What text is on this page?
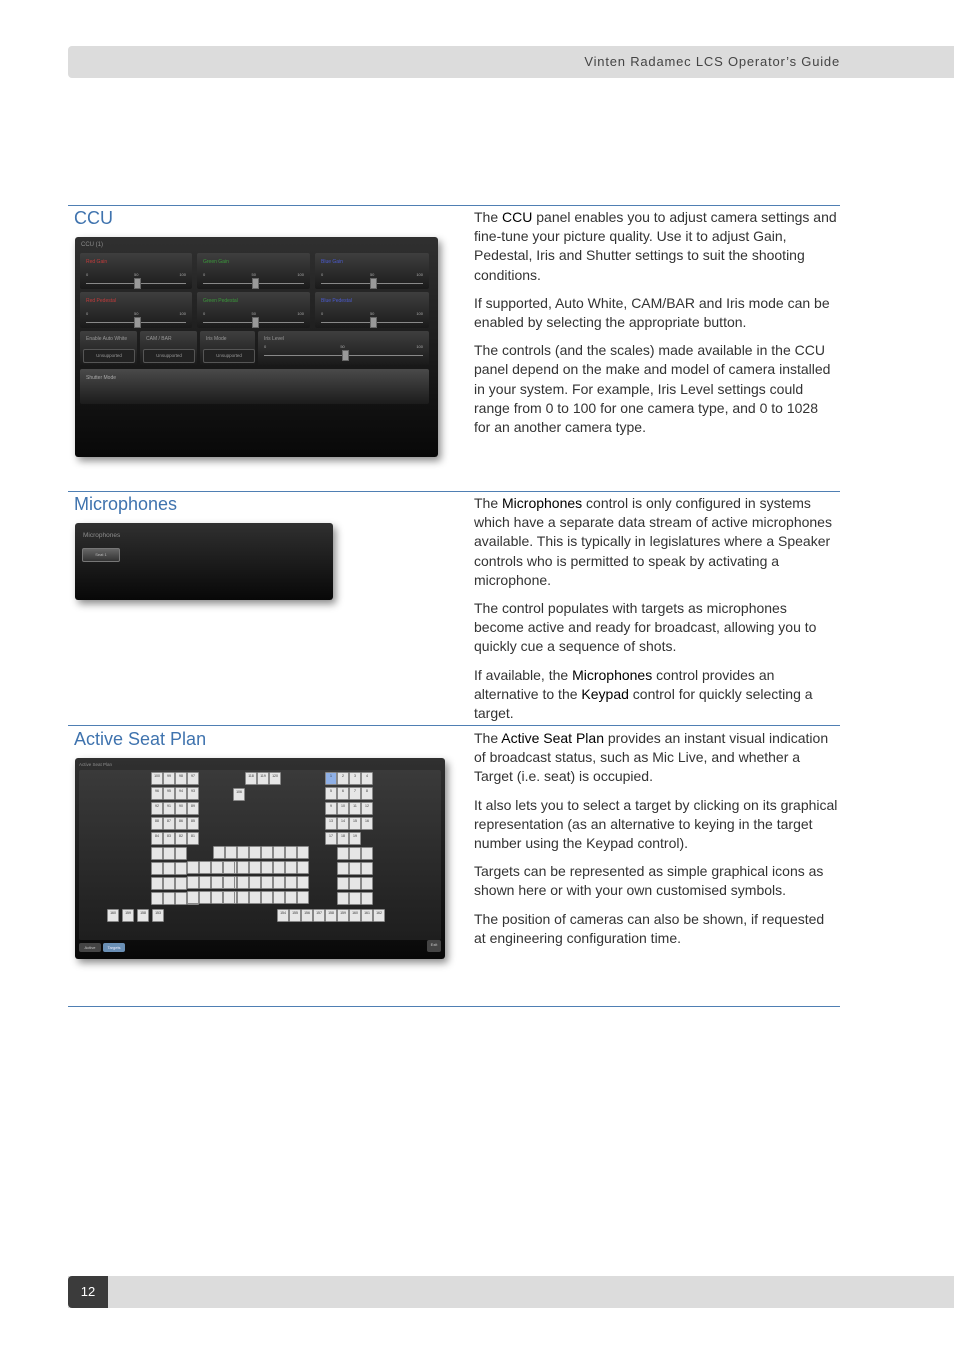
Vinten Radamec LCS Operator’s Guide
CCU
CCU (1)
Red Gain
0	50	100
Green Gain
0	50	100
Blue Gain
0	50	100
Red Pedestal
0	50	100
Green Pedestal
0	50	100
Blue Pedestal
0	50	100
Enable Auto White
Unsupported
CAM / BAR
Unsupported
Iris Mode
Unsupported
Iris Level
0	50	100
Shutter Mode

The CCU panel enables you to adjust camera settings and fine-tune your picture quality. Use it to adjust Gain, Pedestal, Iris and Shutter settings to suit the shooting conditions.

If supported, Auto White, CAM/BAR and Iris mode can be enabled by selecting the appropriate button.

The controls (and the scales) made available in the CCU panel depend on the make and model of camera installed in your system. For example, Iris Level settings could range from 0 to 100 for one camera type, and 0 to 1028 for an another camera type.

Microphones
Microphones
Seat 1

The Microphones control is only configured in systems which have a separate data stream of active microphones available. This is typically in legislatures where a Speaker controls who is permitted to speak by activating a microphone.

The control populates with targets as microphones become active and ready for broadcast, allowing you to quickly cue a sequence of shots.

If available, the Microphones control provides an alternative to the Keypad control for quickly selecting a target.

Active Seat Plan
Active Seat Plan
Active	Targets
Exit
100	99	98	97
96	95	94	93
92	91	90	89
88	87	86	85
84	83	82	81
118	119	120
106
1	2	3	4
5	6	7	8
9	10	11	12
13	14	15	16
17	18	19
160	159	158	153	154	155	156	157	158	159	160	161	162

The Active Seat Plan provides an instant visual indication of broadcast status, such as Mic Live, and whether a Target (i.e. seat) is occupied.

It also lets you to select a target by clicking on its graphical representation (as an alternative to keying in the target number using the Keypad control).

Targets can be represented as simple graphical icons as shown here or with your own customised symbols.

The position of cameras can also be shown, if requested at engineering configuration time.

12
